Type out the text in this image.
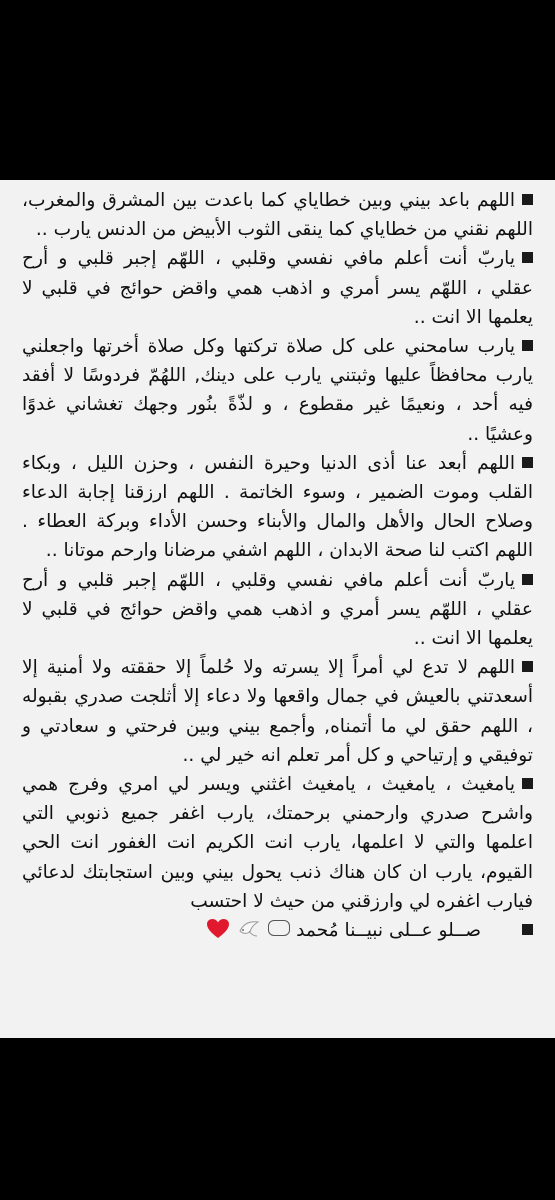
اللهم باعد بيني وبين خطاياي كما باعدت بين المشرق والمغرب، اللهم نقني من خطاياي كما ينقى الثوب الأبيض من الدنس يارب ..

ياربّ أنت أعلم مافي نفسي وقلبي ، اللهّم إجبر قلبي و أرح عقلي ، اللهّم يسر أمري و اذهب همي واقض حوائج في قلبي لا يعلمها الا انت ..

يارب سامحني على كل صلاة تركتها وكل صلاة أخرتها واجعلني يارب محافظاً عليها وثبتني يارب على دينك, اللهُمّ فردوسًا لا أفقد فيه أحد ، ونعيمًا غير مقطوع ، و لذّةً بنُور وجهك تغشاني غدوًا وعشيًا ..

اللهم أبعد عنا أذى الدنيا وحيرة النفس ، وحزن الليل ، وبكاء القلب وموت الضمير ، وسوء الخاتمة . اللهم ارزقنا إجابة الدعاء وصلاح الحال والأهل والمال والأبناء وحسن الأداء وبركة العطاء . اللهم اكتب لنا صحة الابدان ، اللهم اشفي مرضانا وارحم موتانا ..

ياربّ أنت أعلم مافي نفسي وقلبي ، اللهّم إجبر قلبي و أرح عقلي ، اللهّم يسر أمري و اذهب همي واقض حوائج في قلبي لا يعلمها الا انت ..

اللهم لا تدع لي أمراً إلا يسرته ولا حُلماً إلا حققته ولا أمنية إلا أسعدتني بالعيش في جمال واقعها ولا دعاء إلا أثلجت صدري بقبوله ، اللهم حقق لي ما أتمناه, وأجمع بيني وبين فرحتي و سعادتي و توفيقي و إرتياحي و كل أمر تعلم انه خير لي ..

يامغيث ، يامغيث ، يامغيث اغثني ويسر لي امري وفرج همي واشرح صدري وارحمني برحمتك، يارب اغفر جميع ذنوبي التي اعلمها والتي لا اعلمها، يارب انت الكريم انت الغفور انت الحي القيوم، يارب ان كان هناك ذنب يحول بيني وبين استجابتك لدعائي فيارب اغفره لي وارزقني من حيث لا احتسب

صــلو عــلى نبيــنا مُحمد
